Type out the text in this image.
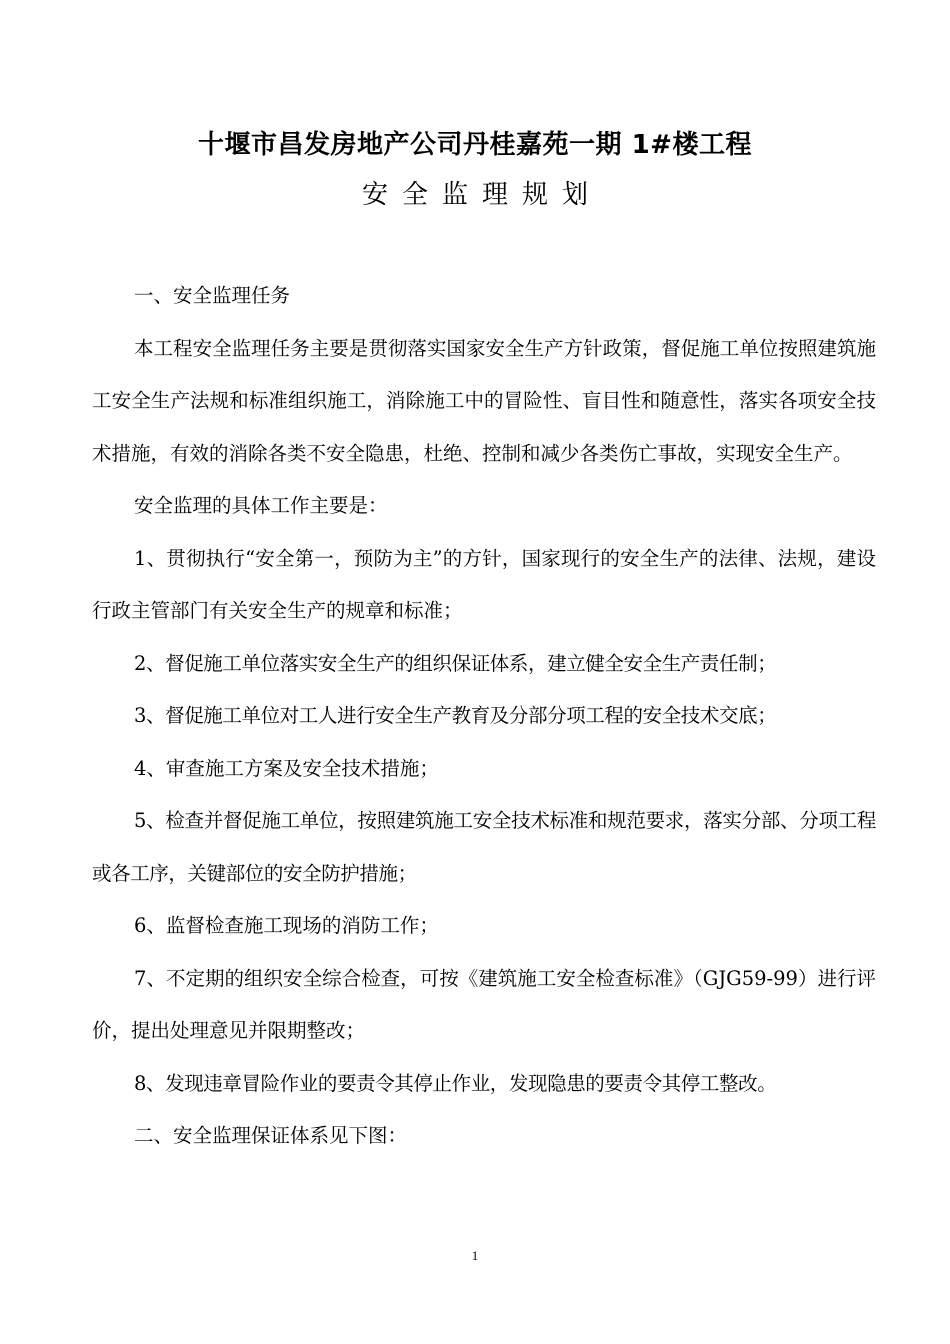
十堰市昌发房地产公司丹桂嘉苑一期 1#楼工程
安全监理规划

一、安全监理任务

本工程安全监理任务主要是贯彻落实国家安全生产方针政策，督促施工单位按照建筑施工安全生产法规和标准组织施工，消除施工中的冒险性、盲目性和随意性，落实各项安全技术措施，有效的消除各类不安全隐患，杜绝、控制和减少各类伤亡事故，实现安全生产。

安全监理的具体工作主要是：

1、贯彻执行“安全第一，预防为主”的方针，国家现行的安全生产的法律、法规，建设行政主管部门有关安全生产的规章和标准；

2、督促施工单位落实安全生产的组织保证体系，建立健全安全生产责任制；

3、督促施工单位对工人进行安全生产教育及分部分项工程的安全技术交底；

4、审查施工方案及安全技术措施；

5、检查并督促施工单位，按照建筑施工安全技术标准和规范要求，落实分部、分项工程或各工序，关键部位的安全防护措施；

6、监督检查施工现场的消防工作；

7、不定期的组织安全综合检查，可按《建筑施工安全检查标准》（GJG59-99）进行评价，提出处理意见并限期整改；

8、发现违章冒险作业的要责令其停止作业，发现隐患的要责令其停工整改。

二、安全监理保证体系见下图：

1
